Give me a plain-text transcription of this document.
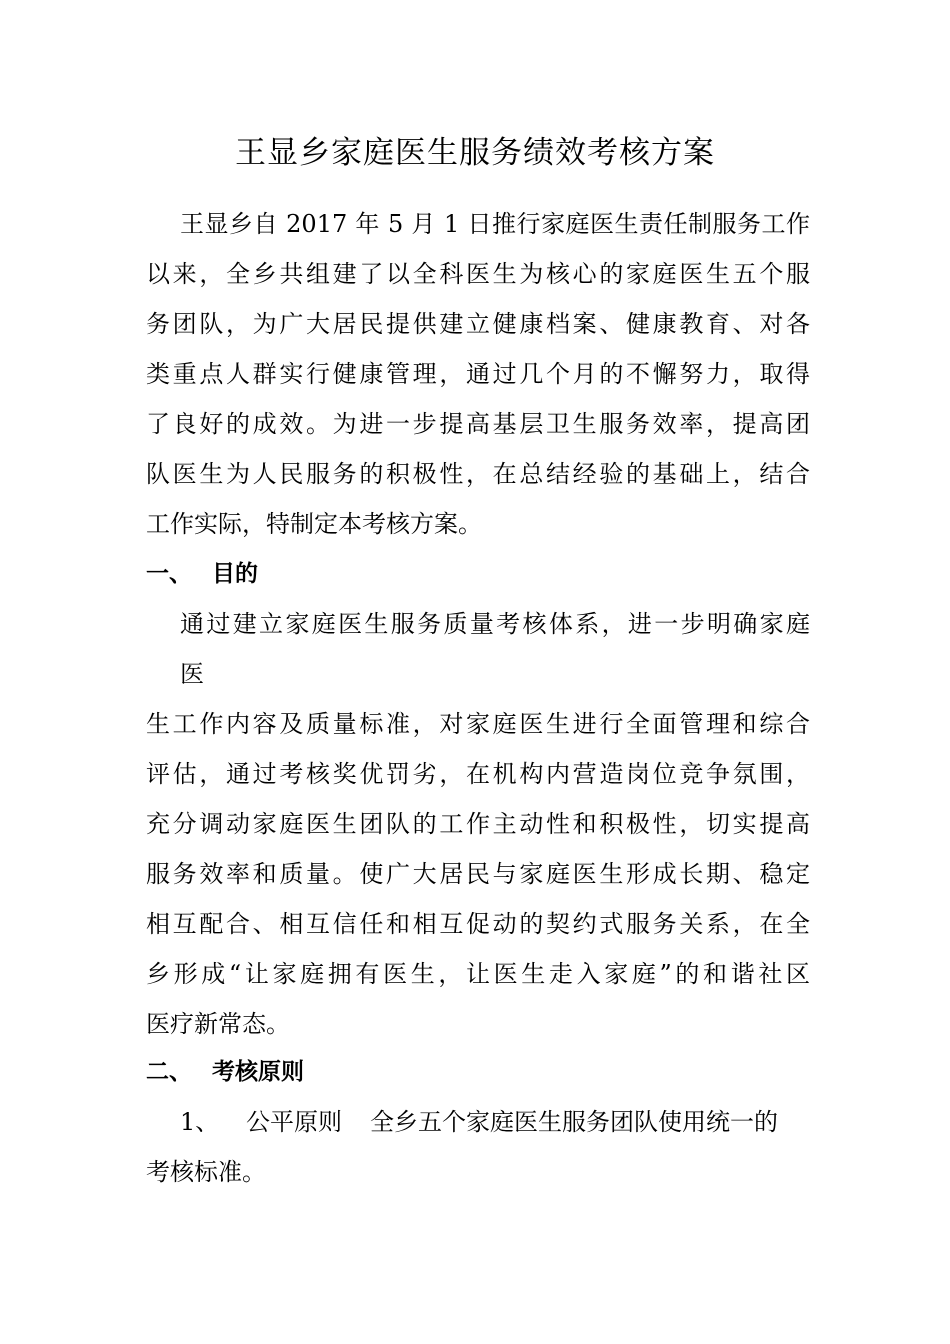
王显乡家庭医生服务绩效考核方案
王显乡自 2017 年 5 月 1 日推行家庭医生责任制服务工作
以来，全乡共组建了以全科医生为核心的家庭医生五个服
务团队，为广大居民提供建立健康档案、健康教育、对各
类重点人群实行健康管理，通过几个月的不懈努力，取得
了良好的成效。为进一步提高基层卫生服务效率，提高团
队医生为人民服务的积极性，在总结经验的基础上，结合
工作实际，特制定本考核方案。
一、 目的
通过建立家庭医生服务质量考核体系，进一步明确家庭
医
生工作内容及质量标准，对家庭医生进行全面管理和综合
评估，通过考核奖优罚劣，在机构内营造岗位竞争氛围，
充分调动家庭医生团队的工作主动性和积极性，切实提高
服务效率和质量。使广大居民与家庭医生形成长期、稳定
相互配合、相互信任和相互促动的契约式服务关系，在全
乡形成“让家庭拥有医生，让医生走入家庭”的和谐社区
医疗新常态。
二、 考核原则
1、 公平原则 全乡五个家庭医生服务团队使用统一的
考核标准。
